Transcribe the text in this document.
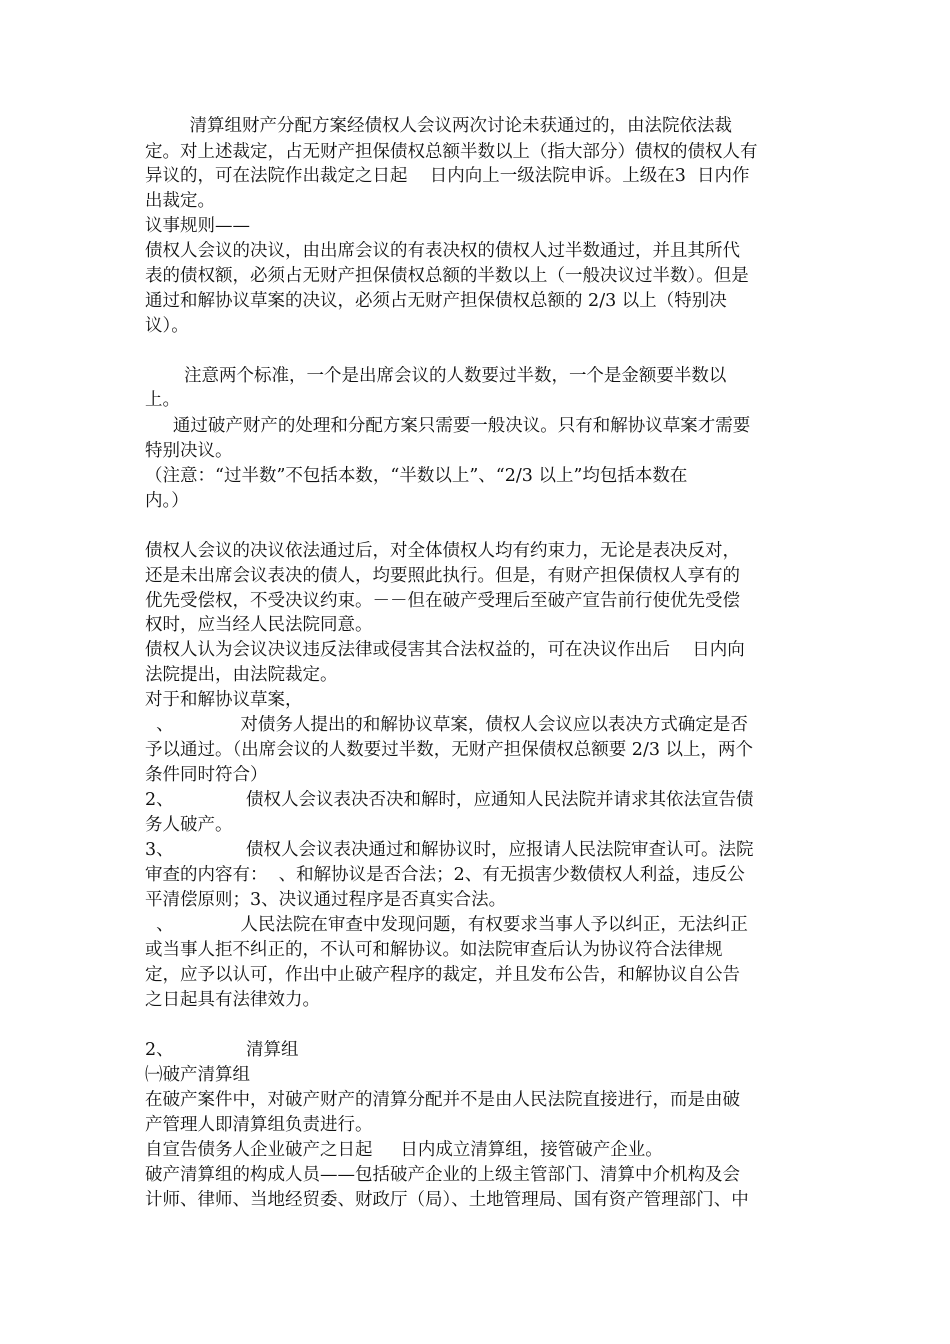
清算组财产分配方案经债权人会议两次讨论未获通过的，由法院依法裁
定。对上述裁定，占无财产担保债权总额半数以上（指大部分）债权的债权人有
异议的，可在法院作出裁定之日起    日内向上一级法院申诉。上级在3  日内作
出裁定。
议事规则——
债权人会议的决议，由出席会议的有表决权的债权人过半数通过，并且其所代
表的债权额，必须占无财产担保债权总额的半数以上（一般决议过半数）。但是
通过和解协议草案的决议，必须占无财产担保债权总额的 2/3 以上（特别决
议）。
注意两个标准，一个是出席会议的人数要过半数，一个是金额要半数以
上。
通过破产财产的处理和分配方案只需要一般决议。只有和解协议草案才需要
特别决议。
（注意：“过半数”不包括本数，“半数以上”、“2/3 以上”均包括本数在
内。）
债权人会议的决议依法通过后，对全体债权人均有约束力，无论是表决反对，
还是未出席会议表决的债人，均要照此执行。但是，有财产担保债权人享有的
优先受偿权，不受决议约束。－－但在破产受理后至破产宣告前行使优先受偿
权时，应当经人民法院同意。
债权人认为会议决议违反法律或侵害其合法权益的，可在决议作出后    日内向
法院提出，由法院裁定。
对于和解协议草案，
、            对债务人提出的和解协议草案，债权人会议应以表决方式确定是否
予以通过。（出席会议的人数要过半数，无财产担保债权总额要 2/3 以上，两个
条件同时符合）
2、             债权人会议表决否决和解时，应通知人民法院并请求其依法宣告债
务人破产。
3、             债权人会议表决通过和解协议时，应报请人民法院审查认可。法院
审查的内容有：  、和解协议是否合法；2、有无损害少数债权人利益，违反公
平清偿原则；3、决议通过程序是否真实合法。
、            人民法院在审查中发现问题，有权要求当事人予以纠正，无法纠正
或当事人拒不纠正的，不认可和解协议。如法院审查后认为协议符合法律规
定，应予以认可，作出中止破产程序的裁定，并且发布公告，和解协议自公告
之日起具有法律效力。
2、             清算组
㈠破产清算组
在破产案件中，对破产财产的清算分配并不是由人民法院直接进行，而是由破
产管理人即清算组负责进行。
自宣告债务人企业破产之日起     日内成立清算组，接管破产企业。
破产清算组的构成人员——包括破产企业的上级主管部门、清算中介机构及会
计师、律师、当地经贸委、财政厅（局）、土地管理局、国有资产管理部门、中
